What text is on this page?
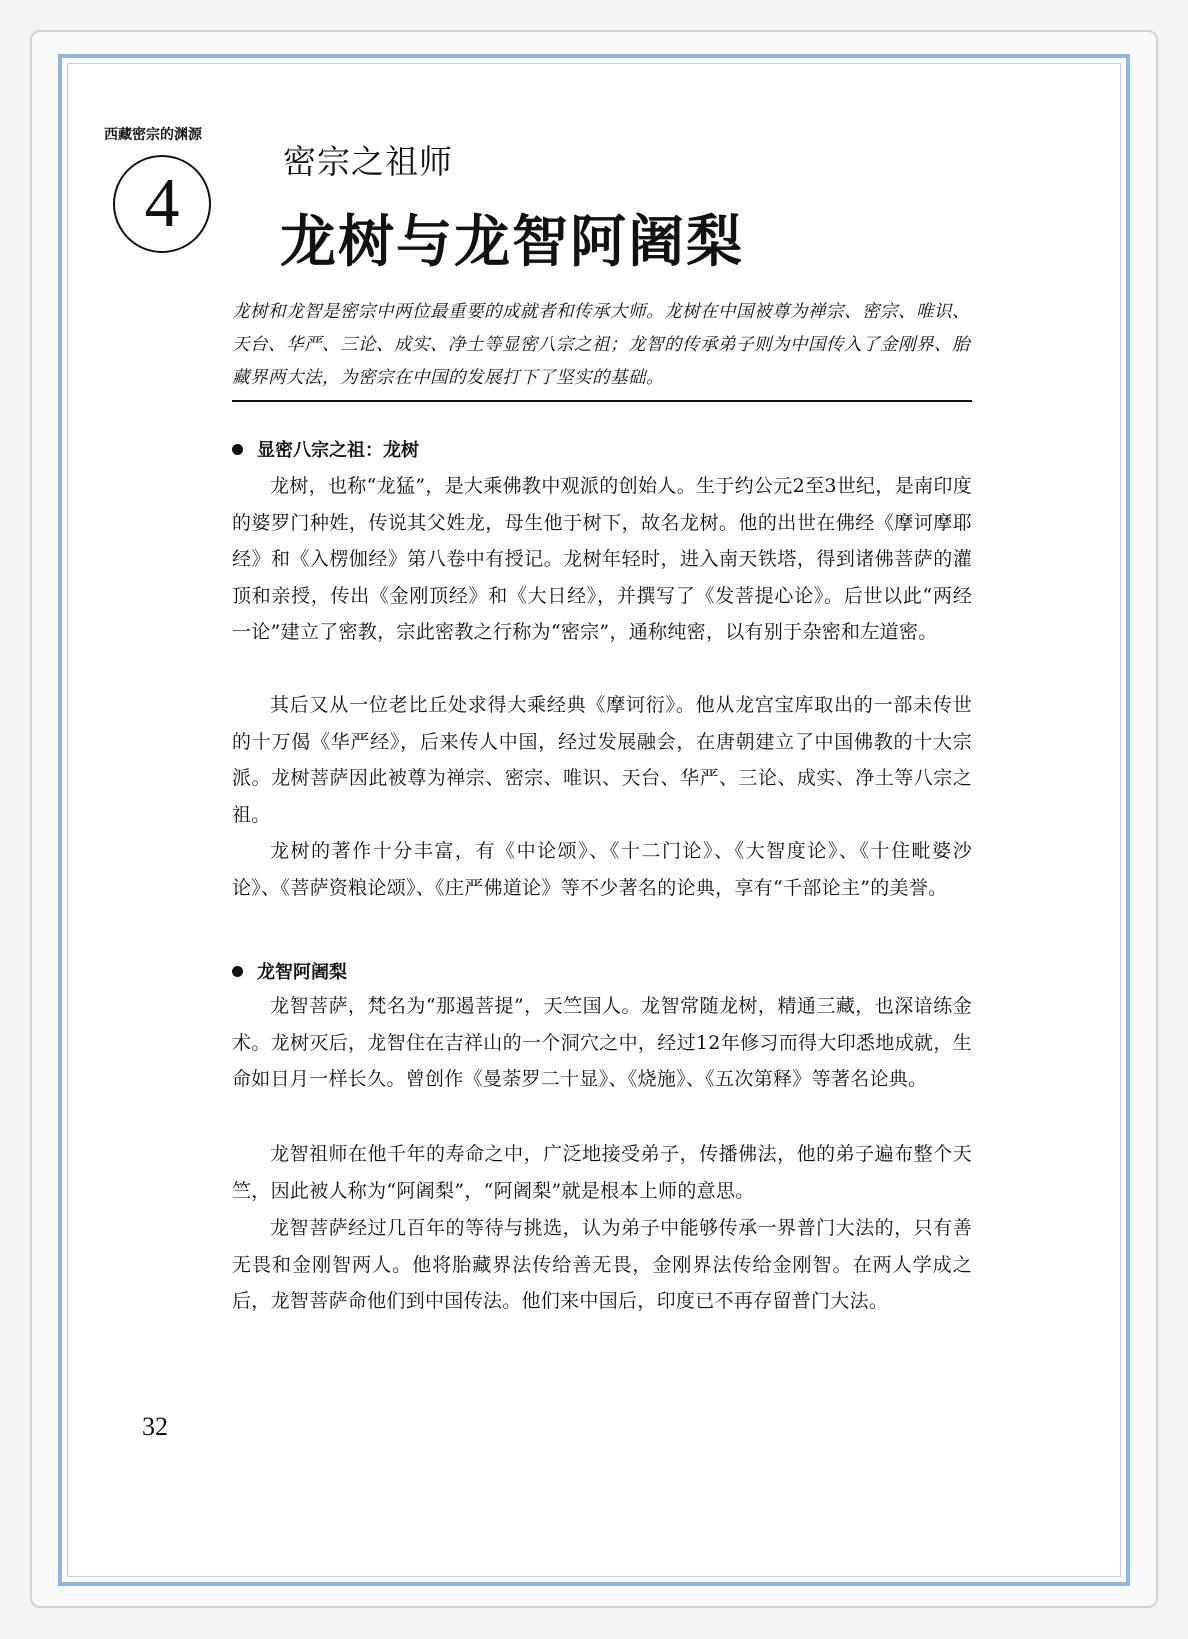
西藏密宗的渊源
4
密宗之祖师
龙树与龙智阿阇梨
龙树和龙智是密宗中两位最重要的成就者和传承大师。龙树在中国被尊为禅宗、密宗、唯识、天台、华严、三论、成实、净土等显密八宗之祖；龙智的传承弟子则为中国传入了金刚界、胎藏界两大法，为密宗在中国的发展打下了坚实的基础。
显密八宗之祖：龙树

龙树，也称“龙猛”，是大乘佛教中观派的创始人。生于约公元2至3世纪，是南印度的婆罗门种姓，传说其父姓龙，母生他于树下，故名龙树。他的出世在佛经《摩诃摩耶经》和《入楞伽经》第八卷中有授记。龙树年轻时，进入南天铁塔，得到诸佛菩萨的灌顶和亲授，传出《金刚顶经》和《大日经》，并撰写了《发菩提心论》。后世以此“两经一论”建立了密教，宗此密教之行称为“密宗”，通称纯密，以有别于杂密和左道密。

其后又从一位老比丘处求得大乘经典《摩诃衍》。他从龙宫宝库取出的一部未传世的十万偈《华严经》，后来传人中国，经过发展融会，在唐朝建立了中国佛教的十大宗派。龙树菩萨因此被尊为禅宗、密宗、唯识、天台、华严、三论、成实、净土等八宗之祖。

龙树的著作十分丰富，有《中论颂》、《十二门论》、《大智度论》、《十住毗婆沙论》、《菩萨资粮论颂》、《庄严佛道论》等不少著名的论典，享有“千部论主”的美誉。

龙智阿阇梨

龙智菩萨，梵名为“那遏菩提”，天竺国人。龙智常随龙树，精通三藏，也深谙练金术。龙树灭后，龙智住在吉祥山的一个洞穴之中，经过12年修习而得大印悉地成就，生命如日月一样长久。曾创作《曼荼罗二十显》、《烧施》、《五次第释》等著名论典。

龙智祖师在他千年的寿命之中，广泛地接受弟子，传播佛法，他的弟子遍布整个天竺，因此被人称为“阿阇梨”，“阿阇梨”就是根本上师的意思。

龙智菩萨经过几百年的等待与挑选，认为弟子中能够传承一界普门大法的，只有善无畏和金刚智两人。他将胎藏界法传给善无畏，金刚界法传给金刚智。在两人学成之后，龙智菩萨命他们到中国传法。他们来中国后，印度已不再存留普门大法。

32
